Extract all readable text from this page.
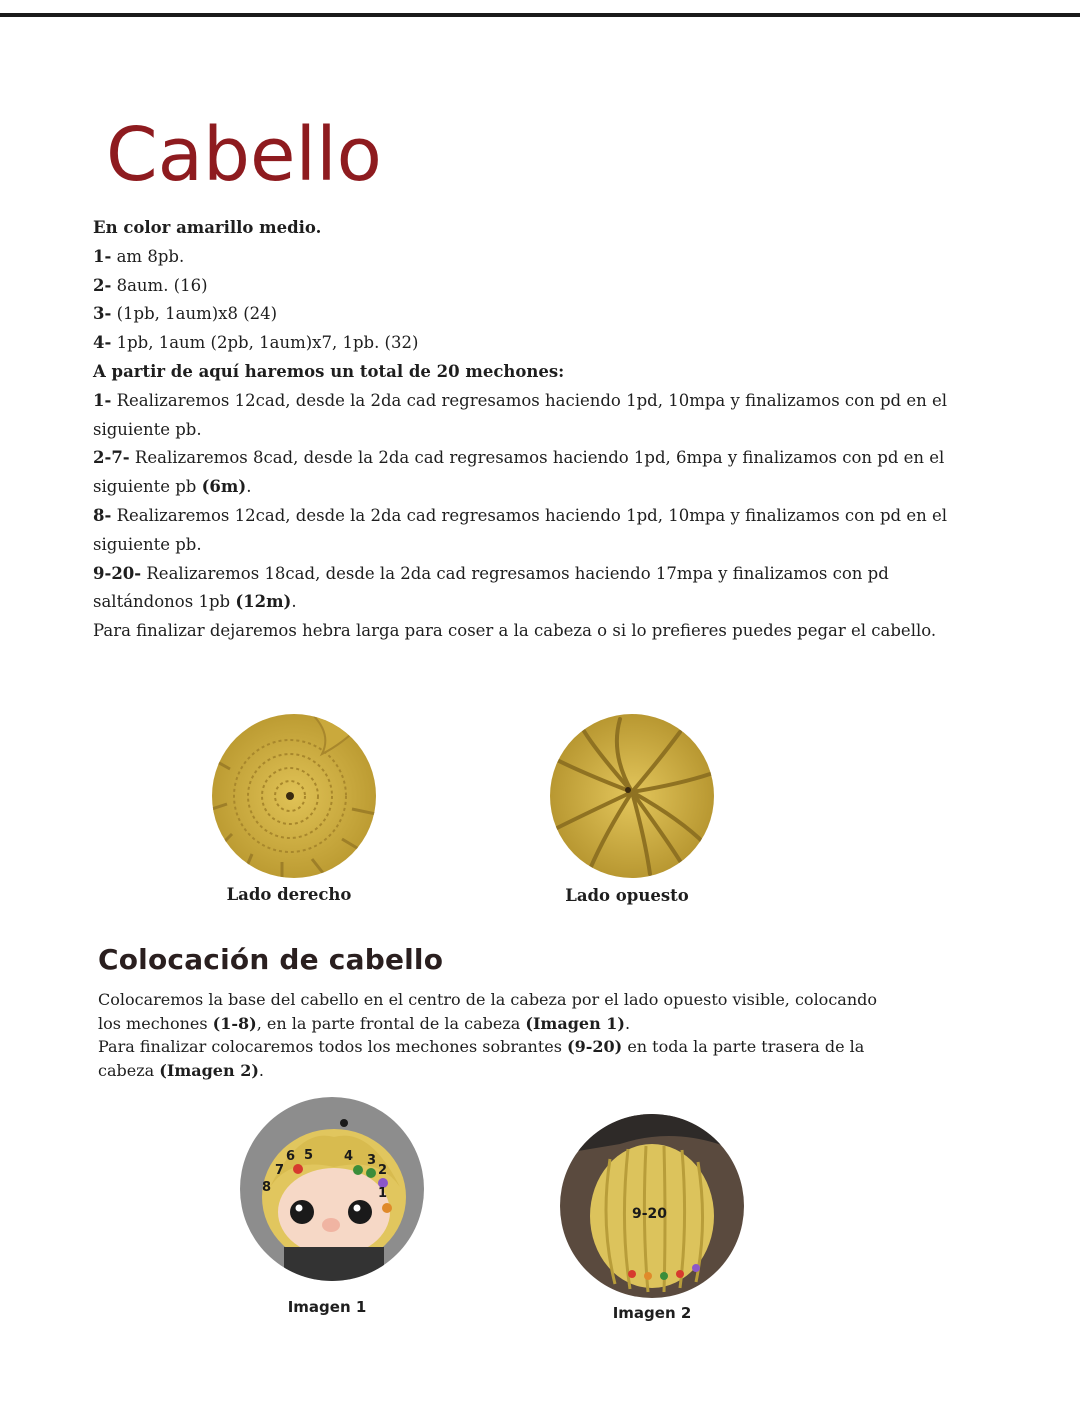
Cabello

En color amarillo medio.

1- am 8pb.

2- 8aum. (16)

3- (1pb, 1aum)x8 (24)

4- 1pb, 1aum (2pb, 1aum)x7, 1pb. (32)

A partir de aquí haremos un total de 20 mechones:

1- Realizaremos 12cad, desde la 2da cad regresamos haciendo 1pd, 10mpa y finalizamos con pd en el siguiente pb.

2-7- Realizaremos 8cad, desde la 2da cad regresamos haciendo 1pd, 6mpa y finalizamos con pd en el siguiente pb (6m).

8- Realizaremos 12cad, desde la 2da cad regresamos haciendo 1pd, 10mpa y finalizamos con pd en el siguiente pb.

9-20- Realizaremos 18cad, desde la 2da cad regresamos haciendo 17mpa y finalizamos con pd saltándonos 1pb (12m).

Para finalizar dejaremos hebra larga para coser a la cabeza o si lo prefieres puedes pegar el cabello.

Lado derecho	Lado opuesto
Colocación de cabello

Colocaremos la base del cabello en el centro de la cabeza por el lado opuesto visible, colocando los mechones (1-8), en la parte frontal de la cabeza (Imagen 1).

Para finalizar colocaremos todos los mechones sobrantes (9-20) en toda la parte trasera de la cabeza (Imagen 2).

6 5 4 3
2
7
8	1
9-20
Imagen 1	Imagen 2
